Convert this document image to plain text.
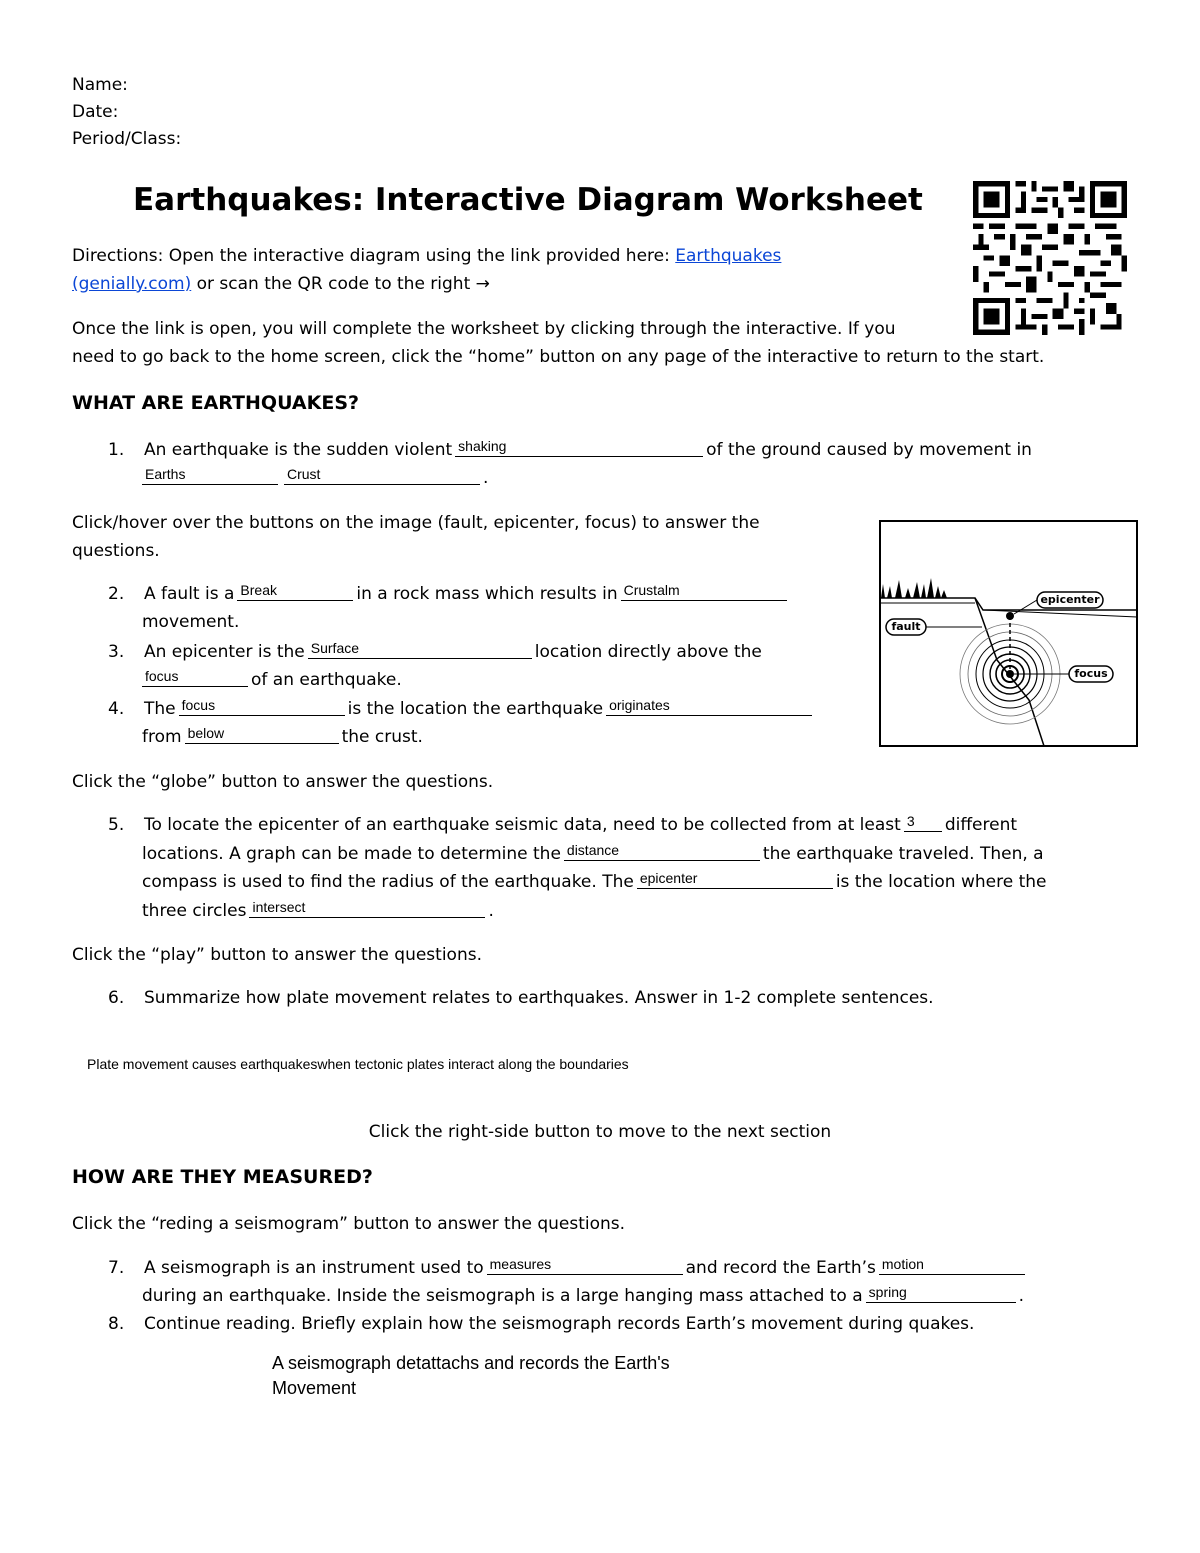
Name:
Date:
Period/Class:
Earthquakes: Interactive Diagram Worksheet
Directions: Open the interactive diagram using the link provided here: Earthquakes
(genially.com) or scan the QR code to the right →
Once the link is open, you will complete the worksheet by clicking through the interactive. If you
need to go back to the home screen, click the “home” button on any page of the interactive to return to the start.
WHAT ARE EARTHQUAKES?
1. An earthquake is the sudden violent shaking	of the ground caused by movement in
Earths	Crust	.
Click/hover over the buttons on the image (fault, epicenter, focus) to answer the
questions.
2. A fault is a Break	in a rock mass which results in Crustalm
movement.
3. An epicenter is the Surface	location directly above the
focus	of an earthquake.
4. The focus	is the location the earthquake originates
from below	the crust.
epicenter
fault
focus
Click the “globe” button to answer the questions.
5. To locate the epicenter of an earthquake seismic data, need to be collected from at least 3 different
locations. A graph can be made to determine the distance	the earthquake traveled. Then, a
compass is used to find the radius of the earthquake. The epicenter	is the location where the
three circles intersect	.
Click the “play” button to answer the questions.
6. Summarize how plate movement relates to earthquakes. Answer in 1-2 complete sentences.
Plate movement causes earthquakeswhen tectonic plates interact along the boundaries
Click the right-side button to move to the next section
HOW ARE THEY MEASURED?
Click the “reding a seismogram” button to answer the questions.
7. A seismograph is an instrument used to measures	and record the Earth’s motion
during an earthquake. Inside the seismograph is a large hanging mass attached to a spring	.
8. Continue reading. Briefly explain how the seismograph records Earth’s movement during quakes.
A seismograph detattachs and records the Earth's
Movement
